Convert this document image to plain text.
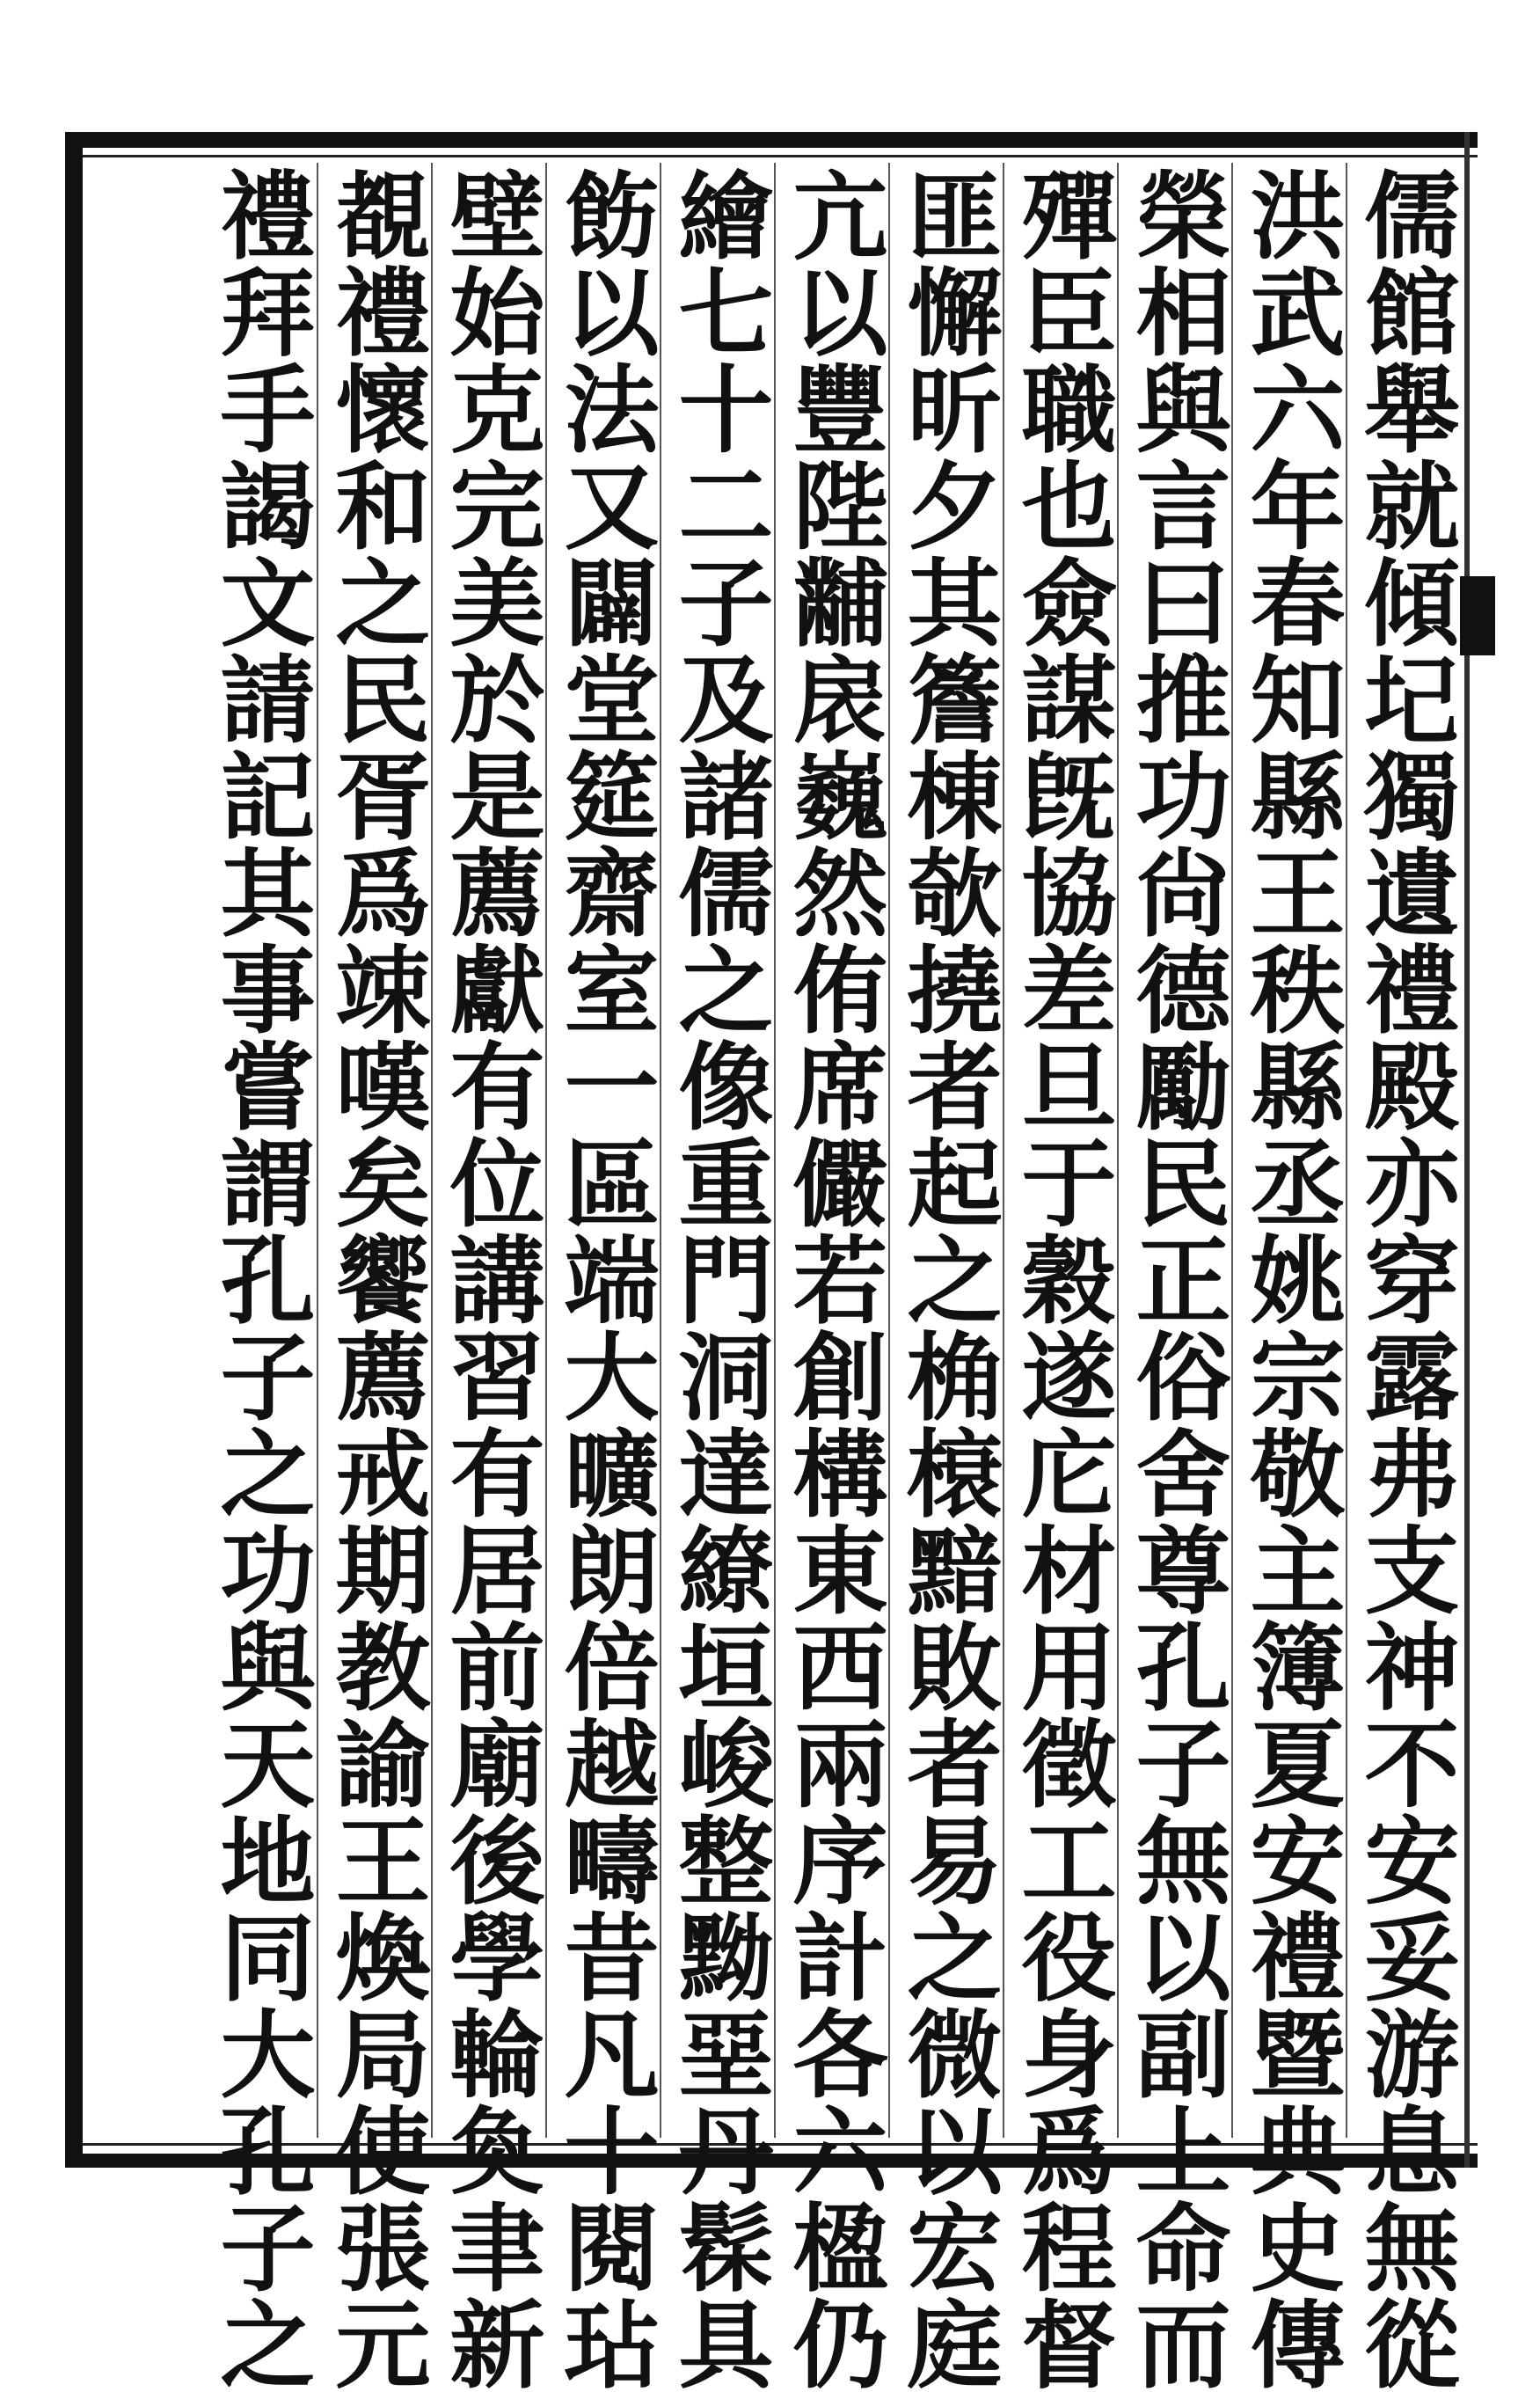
儒館舉就傾圮獨遺禮殿亦穿露弗支神不安妥游息無從
洪武六年春知縣王秩縣丞姚宗敬主簿夏安禮暨典史傳
榮相與言曰推功尙德勵民正俗舍尊孔子無以副上命而
殫臣職也僉謀旣協差旦于穀遂庀材用徵工役身爲程督
匪懈昕夕其簷棟欹撓者起之桷榱黯敗者易之微以宏庭
亢以豐陛黼扆巍然侑席儼若創構東西兩序計各六楹仍
繪七十二子及諸儒之像重門洞達繚垣峻整黝堊丹髹具
飭以法又闢堂筵齋室一區端大曠朗倍越疇昔凡十閱玷
壁始克完美於是薦獻有位講習有居前廟後學輪奐聿新
覩禮懷和之民胥爲竦嘆矣饗薦戒期教諭王煥局使張元
禮拜手謁文請記其事嘗謂孔子之功與天地同大孔子之
